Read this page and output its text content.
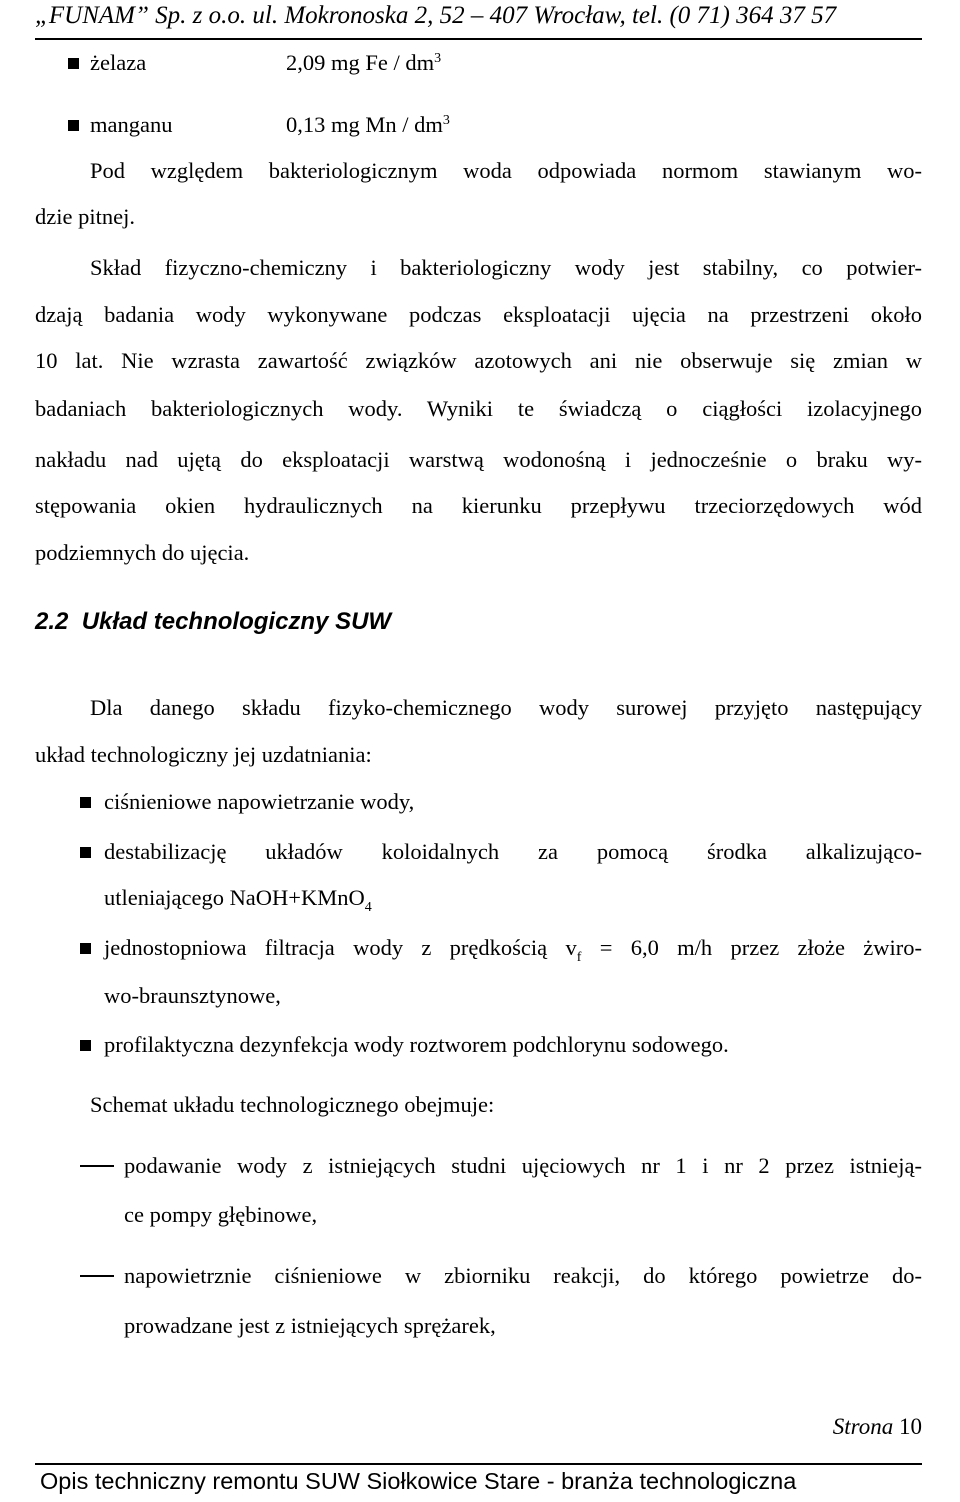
„FUNAM” Sp. z o.o. ul. Mokronoska 2, 52 – 407 Wrocław, tel. (0 71) 364 37 57
żelaza	2,09 mg Fe / $dm^3$
manganu	0,13 mg Mn / $dm^3$
Pod względem bakteriologicznym woda odpowiada normom stawianym wo-
dzie pitnej.
Skład fizyczno-chemiczny i bakteriologiczny wody jest stabilny, co potwier-
dzają badania wody wykonywane podczas eksploatacji ujęcia na przestrzeni około
10 lat. Nie wzrasta zawartość związków azotowych ani nie obserwuje się zmian w
badaniach bakteriologicznych wody. Wyniki te świadczą o ciągłości izolacyjnego
nakładu nad ujętą do eksploatacji warstwą wodonośną i jednocześnie o braku wy-
stępowania okien hydraulicznych na kierunku przepływu trzeciorzędowych wód
podziemnych do ujęcia.
2.2 Układ technologiczny SUW
Dla danego składu fizyko-chemicznego wody surowej przyjęto następujący
układ technologiczny jej uzdatniania:
ciśnieniowe napowietrzanie wody,
destabilizację układów koloidalnych za pomocą środka alkalizująco-
utleniającego NaOH+KMnO$_4$
jednostopniowa filtracja wody z prędkością $v_f = 6,0$ m/h przez złoże żwiro-
wo-braunsztynowe,
profilaktyczna dezynfekcja wody roztworem podchlorynu sodowego.
Schemat układu technologicznego obejmuje:
podawanie wody z istniejących studni ujęciowych nr 1 i nr 2 przez istnieją-
ce pompy głębinowe,
napowietrznie ciśnieniowe w zbiorniku reakcji, do którego powietrze do-
prowadzane jest z istniejących sprężarek,
Strona 10
Opis techniczny remontu SUW Siołkowice Stare - branża technologiczna
